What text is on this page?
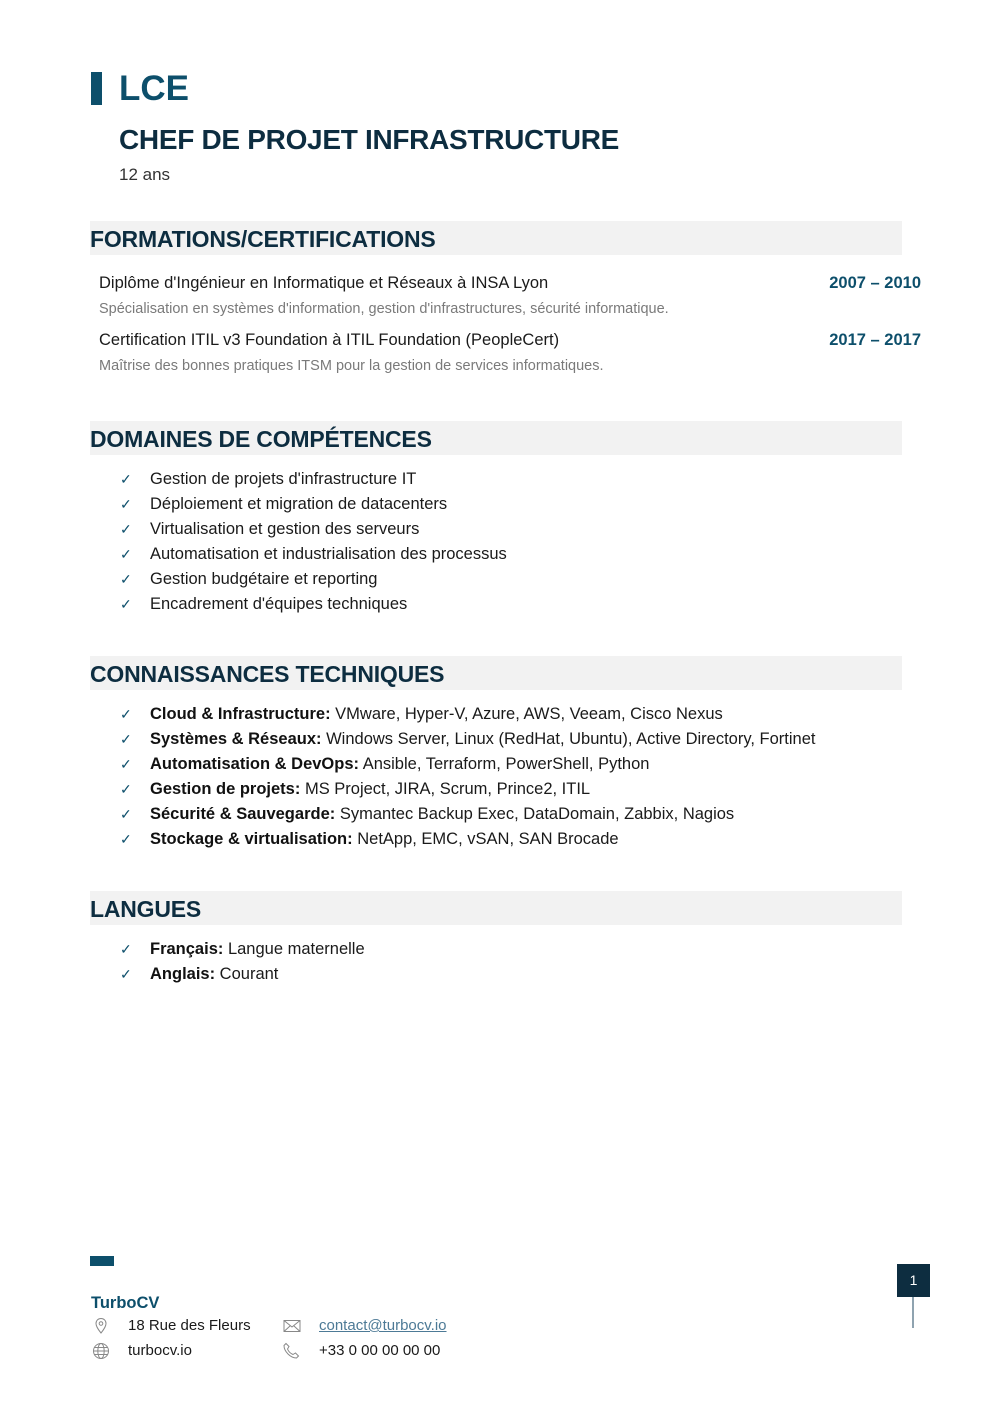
LCE
CHEF DE PROJET INFRASTRUCTURE
12 ans
FORMATIONS/CERTIFICATIONS
Diplôme d'Ingénieur en Informatique et Réseaux à INSA Lyon	2007 – 2010
Spécialisation en systèmes d'information, gestion d'infrastructures, sécurité informatique.
Certification ITIL v3 Foundation à ITIL Foundation (PeopleCert)	2017 – 2017
Maîtrise des bonnes pratiques ITSM pour la gestion de services informatiques.
DOMAINES DE COMPÉTENCES
✓ Gestion de projets d'infrastructure IT
✓ Déploiement et migration de datacenters
✓ Virtualisation et gestion des serveurs
✓ Automatisation et industrialisation des processus
✓ Gestion budgétaire et reporting
✓ Encadrement d'équipes techniques
CONNAISSANCES TECHNIQUES
✓ Cloud & Infrastructure: VMware, Hyper-V, Azure, AWS, Veeam, Cisco Nexus
✓ Systèmes & Réseaux: Windows Server, Linux (RedHat, Ubuntu), Active Directory, Fortinet
✓ Automatisation & DevOps: Ansible, Terraform, PowerShell, Python
✓ Gestion de projets: MS Project, JIRA, Scrum, Prince2, ITIL
✓ Sécurité & Sauvegarde: Symantec Backup Exec, DataDomain, Zabbix, Nagios
✓ Stockage & virtualisation: NetApp, EMC, vSAN, SAN Brocade
LANGUES
✓ Français: Langue maternelle
✓ Anglais: Courant
TurboCV
18 Rue des Fleurs	contact@turbocv.io
turbocv.io	+33 0 00 00 00 00
1
